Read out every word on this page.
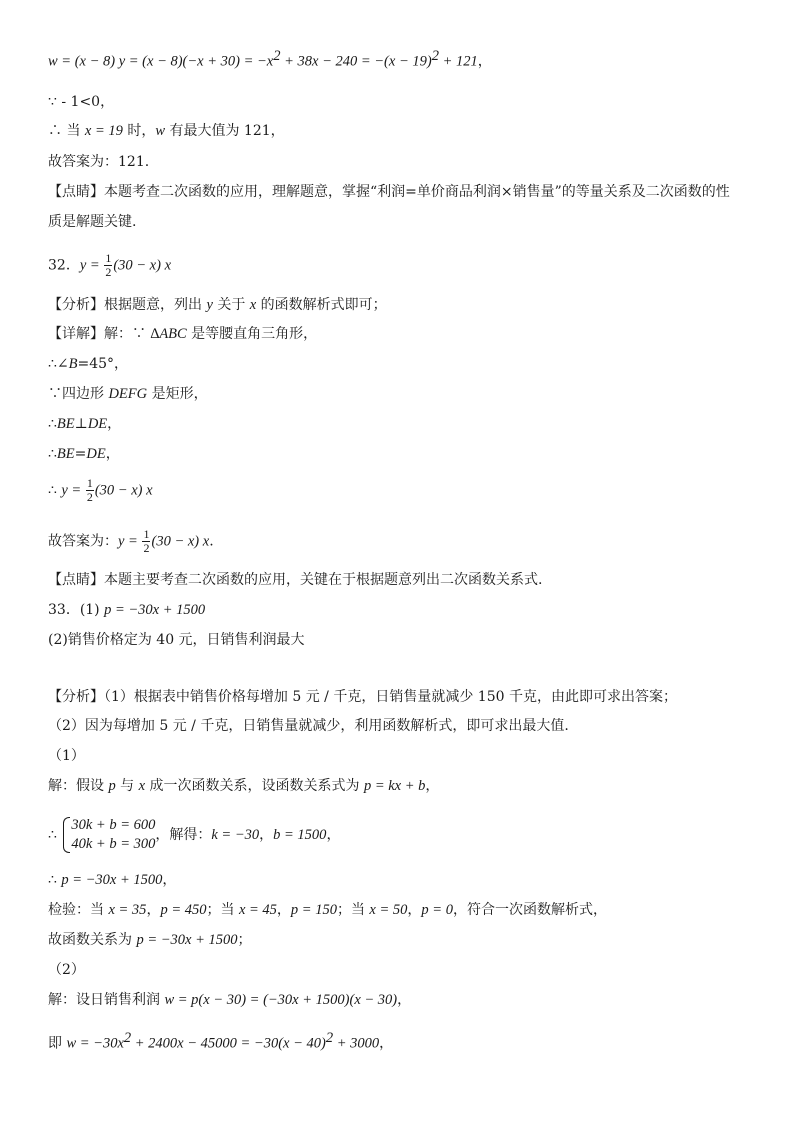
w = (x − 8) $y = (x - 8)(-x + 30) = -x^2 + 38x - 240 = -(x - 19)^2 + 121$，
∵ - 1<0，
∴ 当 x = 19 时，w 有最大值为 121，
故答案为：121.
【点睛】本题考查二次函数的应用，理解题意，掌握“利润=单价商品利润×销售量”的等量关系及二次函数的性
质是解题关键.
32．$y = \frac{1}{2} (30 - x)$ x
【分析】根据题意，列出 y 关于 x 的函数解析式即可；
【详解】解：∵ ∆ABC 是等腰直角三角形，
∴∠B=45°，
∵四边形 DEFG 是矩形，
∴BE⊥DE，
∴BE=DE，
∴ $y = \frac{1}{2} (30 - x)$ x
故答案为：$y = \frac{1}{2} (30 - x)$ x.
【点睛】本题主要考查二次函数的应用，关键在于根据题意列出二次函数关系式.
33．(1) p = −30x + 1500
(2)销售价格定为 40 元，日销售利润最大
【分析】（1）根据表中销售价格每增加 5 元 / 千克，日销售量就减少 150 千克，由此即可求出答案；
（2）因为每增加 5 元 / 千克，日销售量就减少，利用函数解析式，即可求出最大值.
（1）
解：假设 p 与 x 成一次函数关系，设函数关系式为 p = kx + b，
∴
30k + b = 600
40k + b = 300
，解得：k = −30，b = 1500，
∴ p = −30x + 1500，
检验：当 x = 35，p = 450；当 x = 45，p = 150；当 x = 50，p = 0，符合一次函数解析式，
故函数关系为 p = −30x + 1500；
（2）
解：设日销售利润 w = p(x − 30) = (−30x + 1500)(x − 30)，
即 $w = -30x^2 + 2400x - 45000 = -30(x - 40)^2 + 3000$，
